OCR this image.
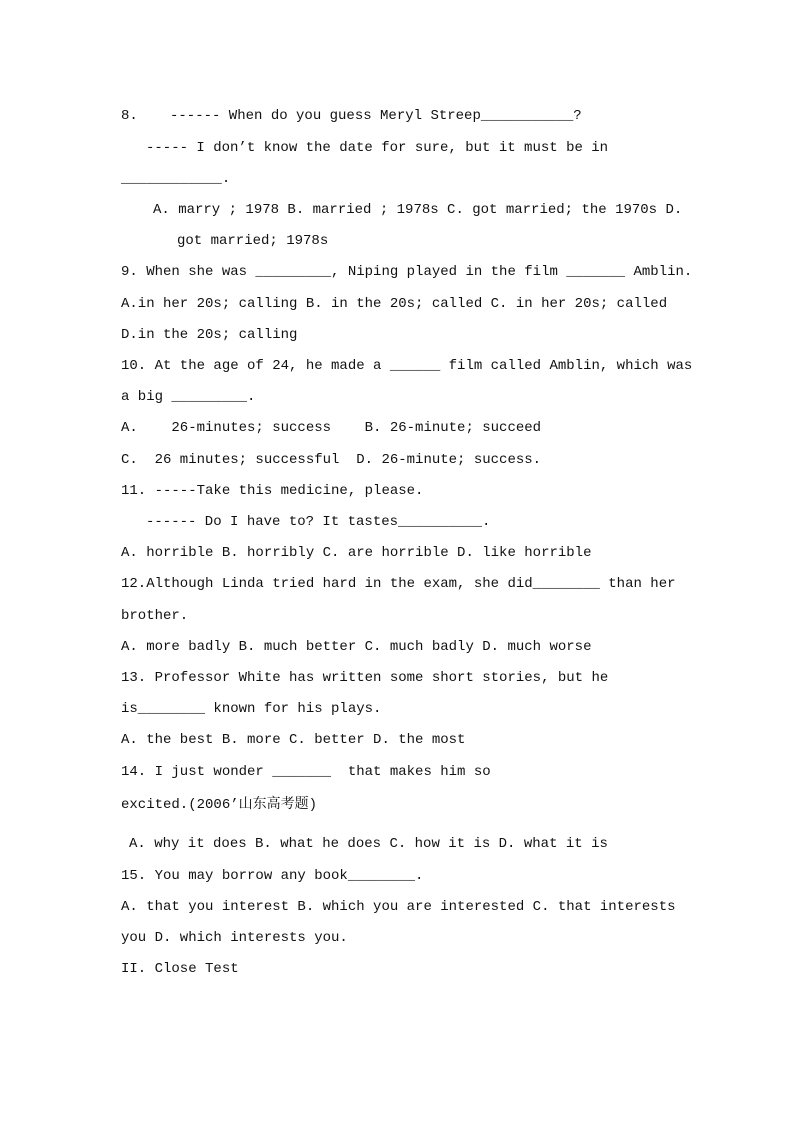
8. ------ When do you guess Meryl Streep___________?
----- I don’t know the date for sure, but it must be in
____________.
A. marry ; 1978 B. married ; 1978s C. got married; the 1970s D.
got married; 1978s
9. When she was _________, Niping played in the film _______ Amblin.
A.in her 20s; calling B. in the 20s; called C. in her 20s; called
D.in the 20s; calling
10. At the age of 24, he made a ______ film called Amblin, which was
a big _________.
A.    26-minutes; success    B. 26-minute; succeed
C.  26 minutes; successful  D. 26-minute; success.
11. -----Take this medicine, please.
------ Do I have to? It tastes__________.
A. horrible B. horribly C. are horrible D. like horrible
12.Although Linda tried hard in the exam, she did________ than her
brother.
A. more badly B. much better C. much badly D. much worse
13. Professor White has written some short stories, but he
is________ known for his plays.
A. the best B. more C. better D. the most
14. I just wonder _______  that makes him so
excited.(2006’山东高考题)
A. why it does B. what he does C. how it is D. what it is
15. You may borrow any book________.
A. that you interest B. which you are interested C. that interests
you D. which interests you.
II. Close Test
